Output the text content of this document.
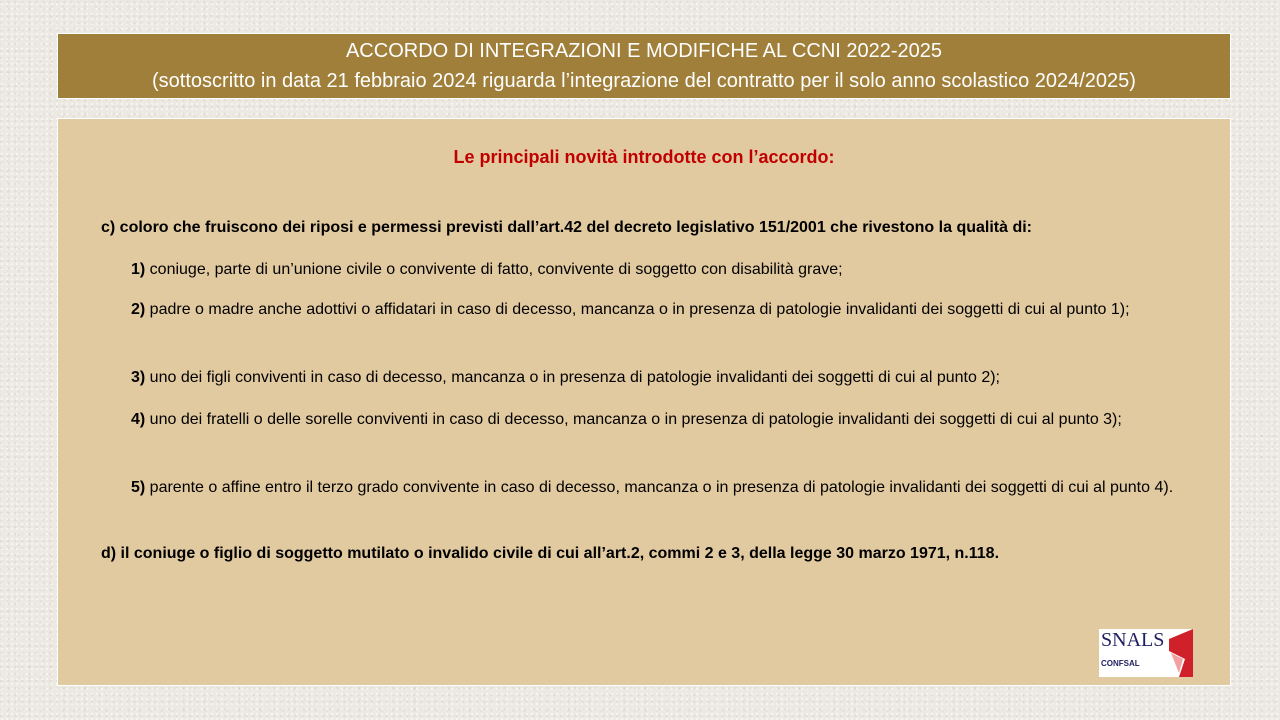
ACCORDO DI INTEGRAZIONI E MODIFICHE AL CCNI 2022-2025
(sottoscritto in data 21 febbraio 2024 riguarda l’integrazione del contratto per il solo anno scolastico 2024/2025)
Le principali novità introdotte con l’accordo:
c) coloro che fruiscono dei riposi e permessi previsti dall’art.42 del decreto legislativo 151/2001 che rivestono la qualità di:
1) coniuge, parte di un’unione civile o convivente di fatto, convivente di soggetto con disabilità grave;
2) padre o madre anche adottivi o affidatari in caso di decesso, mancanza o in presenza di patologie invalidanti dei soggetti di cui al punto 1);
3) uno dei figli conviventi in caso di decesso, mancanza o in presenza di patologie invalidanti dei soggetti di cui al punto 2);
4) uno dei fratelli o delle sorelle conviventi in caso di decesso, mancanza o in presenza di patologie invalidanti dei soggetti di cui al punto 3);
5) parente o affine entro il terzo grado convivente in caso di decesso, mancanza o in presenza di patologie invalidanti dei soggetti di cui al punto 4).
d) il coniuge o figlio di soggetto mutilato o invalido civile di cui all’art.2, commi 2 e 3, della legge 30 marzo 1971, n.118.
SNALS
CONFSAL
